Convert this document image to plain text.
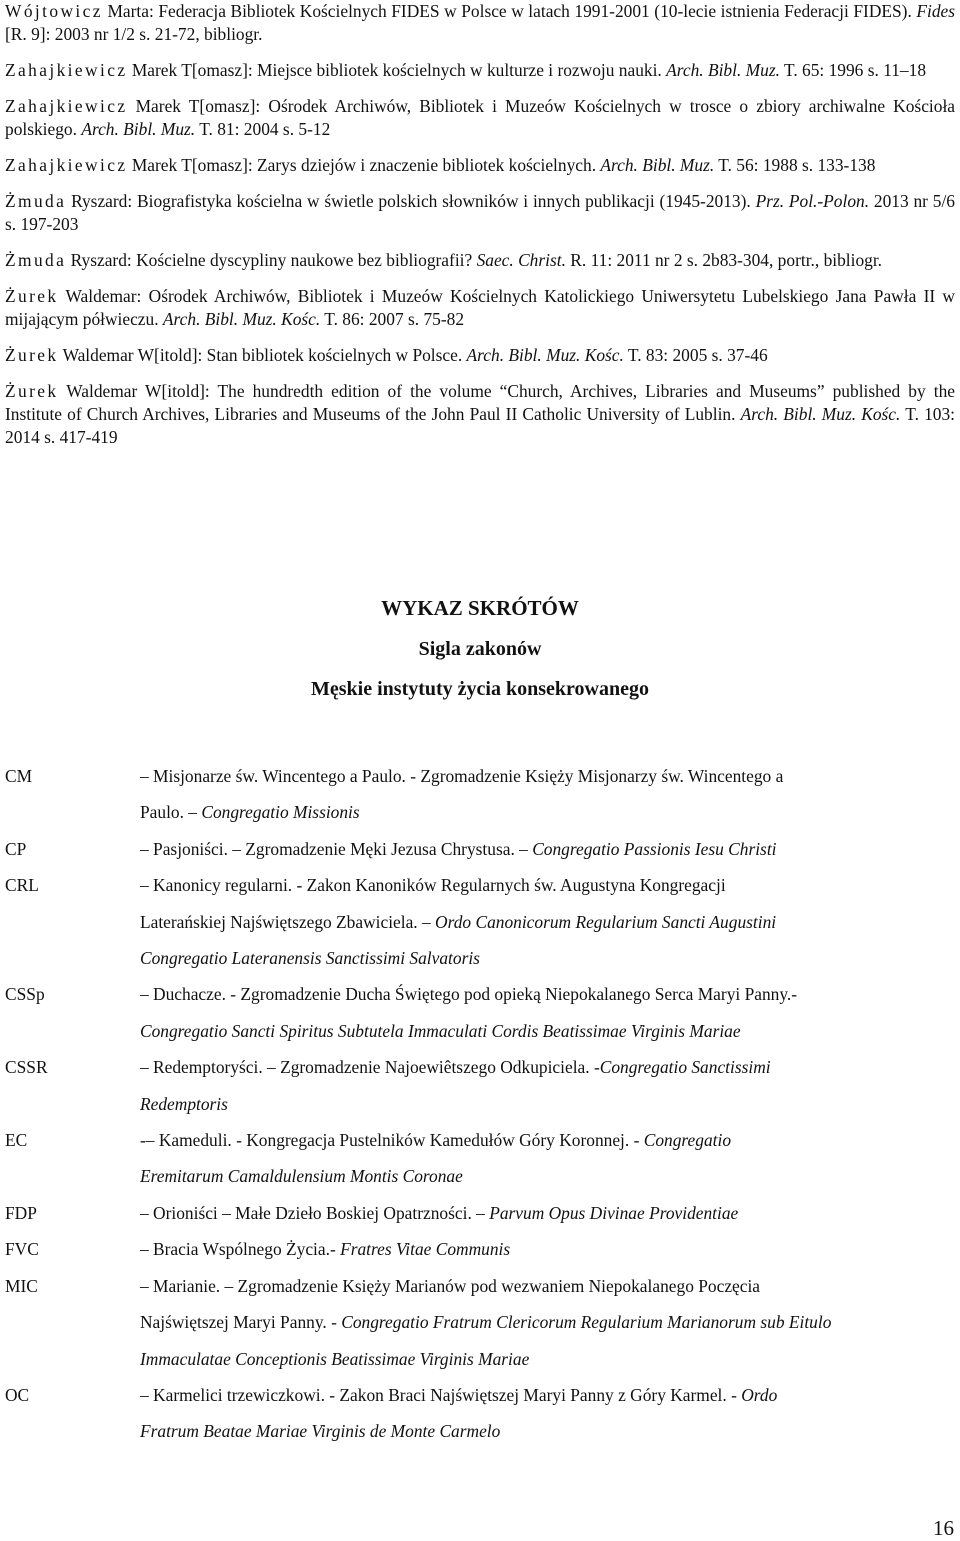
Wójtowicz Marta: Federacja Bibliotek Kościelnych FIDES w Polsce w latach 1991-2001 (10-lecie istnienia Federacji FIDES). Fides [R. 9]: 2003 nr 1/2 s. 21-72, bibliogr.
Zahajkiewicz Marek T[omasz]: Miejsce bibliotek kościelnych w kulturze i rozwoju nauki. Arch. Bibl. Muz. T. 65: 1996 s. 11–18
Zahajkiewicz Marek T[omasz]: Ośrodek Archiwów, Bibliotek i Muzeów Kościelnych w trosce o zbiory archiwalne Kościoła polskiego. Arch. Bibl. Muz. T. 81: 2004 s. 5-12
Zahajkiewicz Marek T[omasz]: Zarys dziejów i znaczenie bibliotek kościelnych. Arch. Bibl. Muz. T. 56: 1988 s. 133-138
Żmuda Ryszard: Biografistyka kościelna w świetle polskich słowników i innych publikacji (1945-2013). Prz. Pol.-Polon. 2013 nr 5/6 s. 197-203
Żmuda Ryszard: Kościelne dyscypliny naukowe bez bibliografii? Saec. Christ. R. 11: 2011 nr 2 s. 2b83-304, portr., bibliogr.
Żurek Waldemar: Ośrodek Archiwów, Bibliotek i Muzeów Kościelnych Katolickiego Uniwersytetu Lubelskiego Jana Pawła II w mijającym półwieczu. Arch. Bibl. Muz. Kośc. T. 86: 2007 s. 75-82
Żurek Waldemar W[itold]: Stan bibliotek kościelnych w Polsce. Arch. Bibl. Muz. Kośc. T. 83: 2005 s. 37-46
Żurek Waldemar W[itold]: The hundredth edition of the volume “Church, Archives, Libraries and Museums” published by the Institute of Church Archives, Libraries and Museums of the John Paul II Catholic University of Lublin. Arch. Bibl. Muz. Kośc. T. 103: 2014 s. 417-419
WYKAZ SKRÓTÓW
Sigla zakonów
Męskie instytuty życia konsekrowanego
CM	– Misjonarze św. Wincentego a Paulo. - Zgromadzenie Księży Misjonarzy św. Wincentego a
Paulo. – Congregatio Missionis
CP	– Pasjoniści. – Zgromadzenie Męki Jezusa Chrystusa. – Congregatio Passionis Iesu Christi
CRL	– Kanonicy regularni. - Zakon Kanoników Regularnych św. Augustyna Kongregacji
Laterańskiej Najświętszego Zbawiciela. – Ordo Canonicorum Regularium Sancti Augustini
Congregatio Lateranensis Sanctissimi Salvatoris
CSSp	– Duchacze. - Zgromadzenie Ducha Świętego pod opieką Niepokalanego Serca Maryi Panny.-
Congregatio Sancti Spiritus Subtutela Immaculati Cordis Beatissimae Virginis Mariae
CSSR	– Redemptoryści. – Zgromadzenie Najoewiêtszego Odkupiciela. -Congregatio Sanctissimi
Redemptoris
EC	-– Kameduli. - Kongregacja Pustelników Kamedułów Góry Koronnej. - Congregatio
Eremitarum Camaldulensium Montis Coronae
FDP	– Orioniści – Małe Dzieło Boskiej Opatrzności. – Parvum Opus Divinae Providentiae
FVC	– Bracia Wspólnego Życia.- Fratres Vitae Communis
MIC	– Marianie. – Zgromadzenie Księży Marianów pod wezwaniem Niepokalanego Poczęcia
Najświętszej Maryi Panny. - Congregatio Fratrum Clericorum Regularium Marianorum sub Eitulo
Immaculatae Conceptionis Beatissimae Virginis Mariae
OC	– Karmelici trzewiczkowi. - Zakon Braci Najświętszej Maryi Panny z Góry Karmel. - Ordo
Fratrum Beatae Mariae Virginis de Monte Carmelo
16
